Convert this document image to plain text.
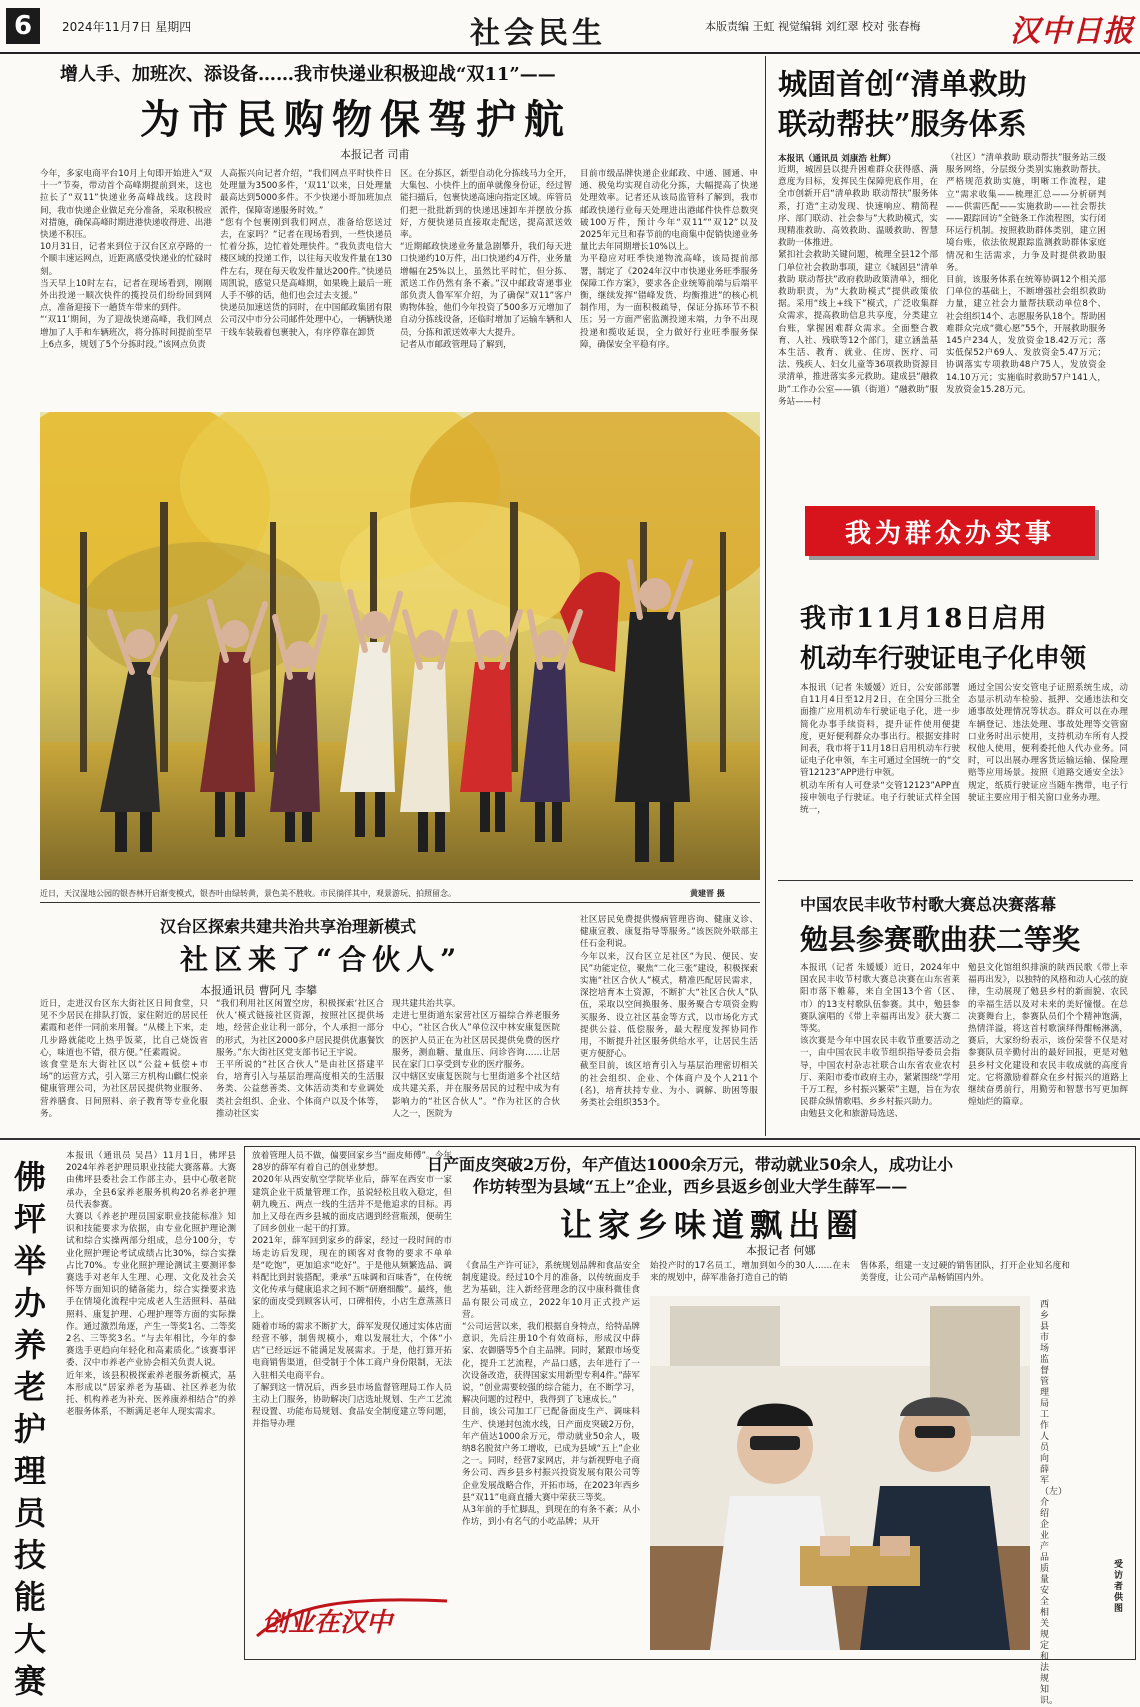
6	2024年11月7日 星期四	社会民生	本版责编 王虹 视觉编辑 刘红翠 校对 张春梅	汉中日报
增人手、加班次、添设备……我市快递业积极迎战“双11”——
为市民购物保驾护航
本报记者 司甫
今年，多家电商平台10月上旬即开始进入“双十一”节奏，带动首个高峰期提前到来，这也拉长了“双11”快递业务高峰战线。这段时间，我市快递企业做足充分准备，采取积极应对措施，确保高峰时期进港快递收得进、出港快递不积压。
10月31日，记者来到位于汉台区京亭路的一个顺丰速运网点，近距离感受快递业的忙碌时刻。
当天早上10时左右，记者在现场看到，刚刚外出投递一顺次快件的揽投员们纷纷回到网点，准备迎接下一趟货车带来的到件。
“‘双11’期间，为了迎战快递高峰，我们网点增加了人手和车辆班次，将分拣时间提前至早上6点多，规划了5个分拣时段。”该网点负责
人高振兴向记者介绍，“我们网点平时快件日处理量为3500多件，‘双11’以来，日处理量最高达到5000多件。不少快递小哥加班加点派件，保障寄递服务时效。”
“您有个包裹刚到我们网点，准备给您送过去，在家吗？”记者在现场看到，一些快递员忙着分拣，边忙着处理快件。“我负责电信大楼区域的投递工作，以往每天收发件量在130件左右，现在每天收发件量达200件。”快递员周凯说，感觉只是高峰期，如果晚上最后一班人手不够的话，他们也会过去支援。”
快递员加速送货的同时，在中国邮政集团有限公司汉中市分公司邮件处理中心，一辆辆快递干线车装载着包裹驶入，有序停靠在卸货
区。在分拣区，新型自动化分拣线马力全开，大集包、小快件上的面单就像身份证，经过智能扫描后，包裹快递高速向指定区域。库管员们把一批批新到的快递迅速卸车并摆放分拣好，方便快递员直接取走配送，提高派送效率。
“近期邮政快递业务量急剧攀升，我们每天进口快递约10万件，出口快递约4万件，业务量增幅在25%以上，虽然比平时忙，但分拣、派送工作仍然有条不紊。”汉中邮政寄递事业部负责人鲁军军介绍，为了确保“双11”客户购物体验，他们今年投资了500多万元增加了自动分拣线设备，还临时增加了运输车辆和人员，分拣和派送效率大大提升。
记者从市邮政管理局了解到，
目前市级品牌快递企业邮政、中通、圆通、申通、极兔均实现自动化分拣，大幅提高了快递处理效率。记者还从该局监管科了解到，我市邮政快递行业每天处理进出港邮件快件总数突破100万件，预计今年“双11”“双12”以及2025年元旦和春节前的电商集中促销快递业务量比去年同期增长10%以上。
为平稳应对旺季快递物流高峰，该局提前部署，制定了《2024年汉中市快递业务旺季服务保障工作方案》，要求各企业统筹前端与后端平衡，继续发挥“错峰发货、均衡推进”的核心机制作用，为一面积极疏导，保证分拣环节不积压；另一方面严密监测投递末端，力争不出现投递和揽收延误，全力做好行业旺季服务保障，确保安全平稳有序。
近日，天汉湿地公园的银杏林开启渐变模式，银杏叶由绿转黄，景色美不胜收。市民徜徉其中，观景游玩、拍照留念。	黄建晋 摄
城固首创“清单救助
联动帮扶”服务体系
本报讯（通讯员 刘康浩 杜辉）
近期，城固县以提升困难群众获得感、满意度为目标，发挥民生保障兜底作用，在全市创新开启“清单救助 联动帮扶”服务体系，打造“主动发现、快速响应、精简程序、部门联动、社会参与”大救助模式，实现精准救助、高效救助、温暖救助、智慧救助一体推进。
紧扣社会救助关键问题，梳理全县12个部门单位社会救助事项，建立《城固县“清单救助 联动帮扶”政府救助政策清单》，细化救助职责，为“大救助模式”提供政策依据。采用“线上+线下”模式，广泛收集群众需求，提高救助信息共享度，分类建立台账，掌握困难群众需求。全面整合教育、人社、残联等12个部门，建立涵盖基本生活、教育、就业、住房、医疗、司法、残疾人、妇女儿童等36项救助资源目录清单，推进落实多元救助。建成县“融救助”工作办公室——镇（街道）“融救助”服务站——村
（社区）“清单救助 联动帮扶”服务站三级服务网络，分层级分类别实施救助帮扶。严格规范救助实施，明晰工作流程，建立“需求收集——梳理汇总——分析研判——供需匹配——实施救助——社会帮扶——跟踪回访”全链条工作流程图，实行闭环运行机制。按照救助群体类别，建立困境台账，依法依规跟踪监测救助群体家庭情况和生活需求，力争及时提供救助服务。
目前，该服务体系在统筹协调12个相关部门单位的基础上，不断增强社会组织救助力量，建立社会力量帮扶联动单位8个、社会组织14个、志愿服务队18个。帮助困难群众完成“微心愿”55个，开展救助服务145户234人，发放资金18.42万元；落实低保52户69人、发放资金5.47万元；协调落实专项救助48户75人，发放资金14.10万元；实施临时救助57户141人，发放资金15.28万元。
我为群众办实事
我市11月18日启用
机动车行驶证电子化申领
本报讯（记者 朱媛媛）近日，公安部部署自11月4日至12月2日，在全国分三批全面推广应用机动车行驶证电子化，进一步简化办事手续资料，提升证件使用便捷度，更好便利群众办事出行。根据安排时间表，我市将于11月18日启用机动车行驶证电子化申领，车主可通过全国统一的“交管12123”APP进行申领。
机动车所有人可登录“交管12123”APP直接申领电子行驶证。电子行驶证式样全国统一，
通过全国公安交管电子证照系统生成，动态显示机动车检验、抵押、交通违法和交通事故处理情况等状态。群众可以在办理车辆登记、违法处理、事故处理等交管窗口业务时出示使用，支持机动车所有人授权他人使用，便利委托他人代办业务。同时，可以出展办理客货运输运输、保险理赔等应用场景。按照《道路交通安全法》规定，纸质行驶证应当随车携带，电子行驶证主要应用于相关窗口业务办理。
中国农民丰收节村歌大赛总决赛落幕
勉县参赛歌曲获二等奖
本报讯（记者 朱媛媛）近日，2024年中国农民丰收节村歌大赛总决赛在山东省莱阳市落下帷幕，来自全国13个省（区、市）的13支村歌队伍参赛。其中，勉县参赛队演唱的《带上幸福再出发》获大赛二等奖。
该次赛是今年中国农民丰收节重要活动之一，由中国农民丰收节组织指导委员会指导，中国农村杂志社联合山东省农业农村厅、莱阳市委市政府主办，紧紧围绕“学用千万工程，乡村振兴繁荣”主题，旨在为农民群众纵情歌唱、乡乡村振兴助力。
由勉县文化和旅游局选送、
勉县文化馆组织排演的陕西民歌《带上幸福再出发》，以独特的风格和动人心弦的旋律，生动展现了勉县乡村的新面貌、农民的幸福生活以及对未来的美好憧憬。在总决赛舞台上，参赛队员们个个精神饱满，热情洋溢，将这首村歌演绎得酣畅淋漓，赛后，大家纷纷表示，该份荣誉不仅是对参赛队员辛勤付出的最好回报，更是对勉县乡村文化建设和农民丰收成就的高度肯定。它将激励着群众在乡村振兴的道路上继续奋勇前行，用勤劳和智慧书写更加辉煌灿烂的篇章。
汉台区探索共建共治共享治理新模式
社区来了“合伙人”
本报通讯员 曹阿凡 李攀
近日，走进汉台区东大街社区日间食堂，只见不少居民在排队打饭，家住附近的居民任素霞和老伴一同前来用餐。“从楼上下来，走几步路就能吃上热乎饭菜，比自己烧饭省心，味道也不错，很方便。”任素霞说。
该食堂是东大街社区以“公益+低偿+市场”的运营方式，引入第三方机构山麒仁悦亲健康管理公司，为社区居民提供物业服务、营养膳食、日间照料、亲子教育等专业化服务。
“我们利用社区闲置空房，积极探索‘社区合伙人’模式链接社区资源，按照社区提供场地，经营企业让利一部分，个人承担一部分的形式，为社区2000多户居民提供优惠餐饮服务。”东大街社区党支部书记王宇说。
王平所说的“社区合伙人”是由社区搭建平台，培育引入与基层治理高度相关的生活服务类、公益慈善类、文体活动类和专业调处类社会组织、企业、个体商户以及个体等，推动社区实
现共建共治共享。
走进七里街道东家营社区万福综合养老服务中心，“社区合伙人”单位汉中林安康复医院的医护人员正在为社区居民提供免费的医疗服务，测血糖、量血压、问诊咨询……让居民在家门口享受到专业的医疗服务。
汉中辖区安康复医院与七里街道多个社区结成共建关系，并在服务居民的过程中成为有影响力的“社区合伙人”。“作为社区的合伙人之一，医院为
社区居民免费提供慢病管理咨询、健康义诊、健康宣教、康复指导等服务。”该医院外联部主任石金利说。
今年以来，汉台区立足社区“为民、便民、安民”功能定位，聚焦“二化三张”建设，积极探索实施“社区合伙人”模式，精准匹配居民需求，深挖培育本土资源，不断扩大“社区合伙人”队伍，采取以空间换服务、服务聚合专项资金购买服务、设立社区基金等方式，以市场化方式提供公益、低偿服务，最大程度发挥协同作用，不断提升社区服务供给水平，让居民生活更方便舒心。
截至目前，该区培育引入与基层治理密切相关的社会组织、企业、个体商户及个人211个(名)，培育扶持专业、为小、调解、助困等服务类社会组织353个。
佛坪举办养老护理员技能大赛
本报讯（通讯员 吴昌）11月1日，佛坪县2024年养老护理员职业技能大赛落幕。大赛由佛坪县委社会工作部主办，县中心敬老院承办，全县6家养老服务机构20名养老护理员代表参赛。
大赛以《养老护理员国家职业技能标准》知识和技能要求为依据，由专业化照护理论测试和综合实操两部分组成，总分100分，专业化照护理论考试成绩占比30%，综合实操占比70%。专业化照护理论测试主要测评参赛选手对老年人生理、心理、文化及社会关怀等方面知识的储备能力，综合实操要求选手在情境化流程中完成老人生活照料、基础照料、康复护理、心理护理等方面的实际操作。通过激烈角逐，产生一等奖1名、二等奖2名、三等奖3名。“与去年相比，今年的参赛选手更趋向年轻化和高素质化。”该赛事评委、汉中市养老产业协会相关负责人说。
近年来，该县积极探索养老服务新模式，基本形成以“居家养老为基础、社区养老为依托、机构养老为补充、医养康养相结合”的养老服务体系，不断满足老年人现实需求。
日产面皮突破2万份，年产值达1000余万元，带动就业50余人，成功让小
作坊转型为县域“五上”企业，西乡县返乡创业大学生薛军——
让家乡味道飘出圈
本报记者 何娜
放着管理人员不做，偏要回家乡当“面皮师傅”。今年28岁的薛军有着自己的创业梦想。
2020年从西安航空学院毕业后，薛军在西安市一家建筑企业干质量管理工作，虽说轻松且收入稳定，但朝九晚五、两点一线的生活并不是他追求的目标。再加上又母在西乡县城的面皮店遇到经营瓶颈，便萌生了回乡创业一起干的打算。
2021年，薛军回到家乡的薛家，经过一段时间的市场走访后发现，现在的顾客对食物的要求不单单是“吃饱”，更加追求“吃好”。于是他从频繁选品、调料配比到封装搭配，秉承“五味调和百味香”，在传统文化传承与健康追求之间不断“研磨细酸”。最终，他家的面皮受到顾客认可，口碑相传，小店生意蒸蒸日上。
随着市场的需求不断扩大，薛军发现仅通过实体店面经营不够，制售规模小，难以发展壮大，个体“小店”已经远远不能满足发展需求。于是，他打算开拓电商销售渠道，但受制于个体工商户身份限制，无法入驻相关电商平台。
了解到这一情况后，西乡县市场监督管理局工作人员主动上门服务，协助解决门店选址规划、生产工艺流程设置、功能布局规划、食品安全制度建立等问题，并指导办理
《食品生产许可证》，系统规划品牌和食品安全制度建设。经过10个月的准备，以传统面皮手艺为基础，注入新经营理念的汉中康科微佳食品有限公司成立，2022年10月正式投产运营。
“公司运营以来，我们根据自身特点，给特品牌意识，先后注册10个有效商标，形成汉中薛家、农御膳等5个自主品牌。同时，紧跟市场变化，提升工艺流程，产品口感，去年进行了一次设备改造，获得国家实用新型专利4件。”薛军说，“创业需要较强的综合能力，在不断学习，解决问题的过程中，我得到了飞速成长。”
目前，该公司加工厂已配备面皮生产、调味料生产、快递封包流水线，日产面皮突破2万份，年产值达1000余万元，带动就业50余人，吸纳8名脱贫户务工增收，已成为县域“五上”企业之一。同时，经营7家网店，并与新视野电子商务公司、西乡县乡村振兴投资发展有限公司等企业发展战略合作，开拓市场，在2023年西乡县“双11”电商直播大赛中荣获三等奖。
从3年前的手忙脚乱，到现在的有条不紊；从小作坊，到小有名气的小吃品牌；从开
始投产时的17名员工，增加到如今的30人……在未来的规划中，薛军准备打造自己的销
售体系，组建一支过硬的销售团队，打开企业知名度和美誉度，让公司产品畅销国内外。
创业在汉中
西乡县市场监督管理局工作人员向薛军（左）介绍企业产品质量安全相关规定和法规知识。
受访者供图
